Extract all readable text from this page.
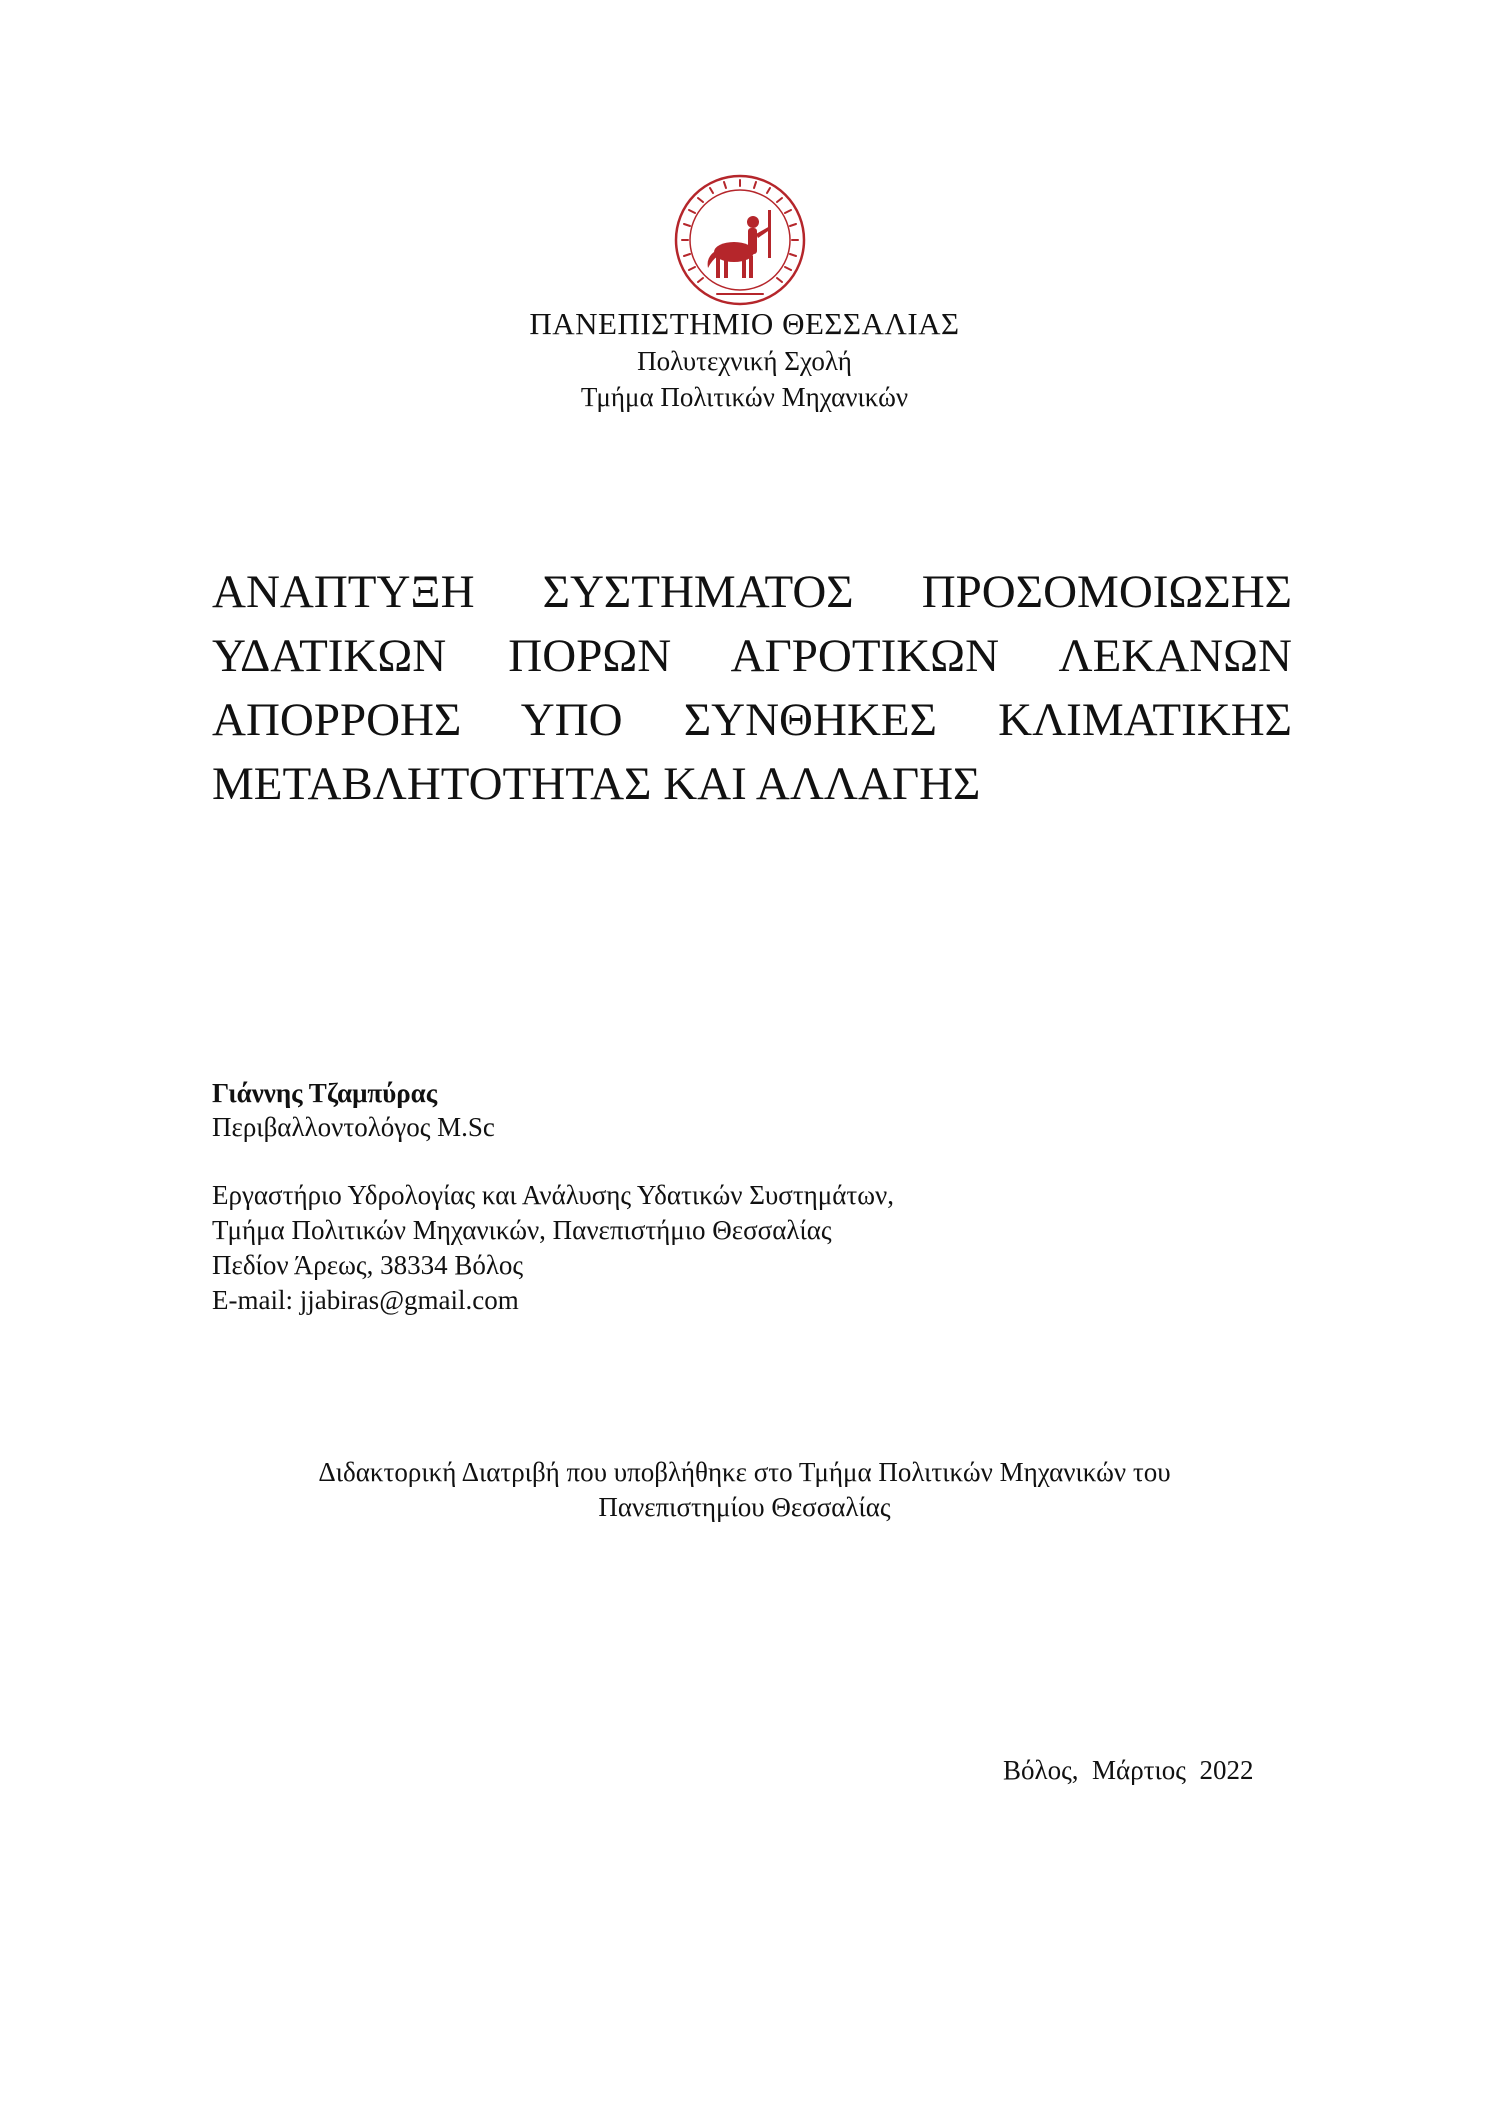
ΠΑΝΕΠΙΣΤΗΜΙΟ ΘΕΣΣΑΛΙΑΣ
Πολυτεχνική Σχολή
Τμήμα Πολιτικών Μηχανικών
ΑΝΑΠΤΥΞΗ ΣΥΣΤΗΜΑΤΟΣ ΠΡΟΣΟΜΟΙΩΣΗΣ
ΥΔΑΤΙΚΩΝ ΠΟΡΩΝ ΑΓΡΟΤΙΚΩΝ ΛΕΚΑΝΩΝ
ΑΠΟΡΡΟΗΣ ΥΠΟ ΣΥΝΘΗΚΕΣ ΚΛΙΜΑΤΙΚΗΣ
ΜΕΤΑΒΛΗΤΟΤΗΤΑΣ ΚΑΙ ΑΛΛΑΓΗΣ
Γιάννης Τζαμπύρας
Περιβαλλοντολόγος M.Sc
Εργαστήριο Υδρολογίας και Ανάλυσης Υδατικών Συστημάτων,
Τμήμα Πολιτικών Μηχανικών, Πανεπιστήμιο Θεσσαλίας
Πεδίον Άρεως, 38334 Βόλος
E-mail: jjabiras@gmail.com
Διδακτορική Διατριβή που υποβλήθηκε στο Τμήμα Πολιτικών Μηχανικών του
Πανεπιστημίου Θεσσαλίας
Βόλος,  Μάρτιος  2022
